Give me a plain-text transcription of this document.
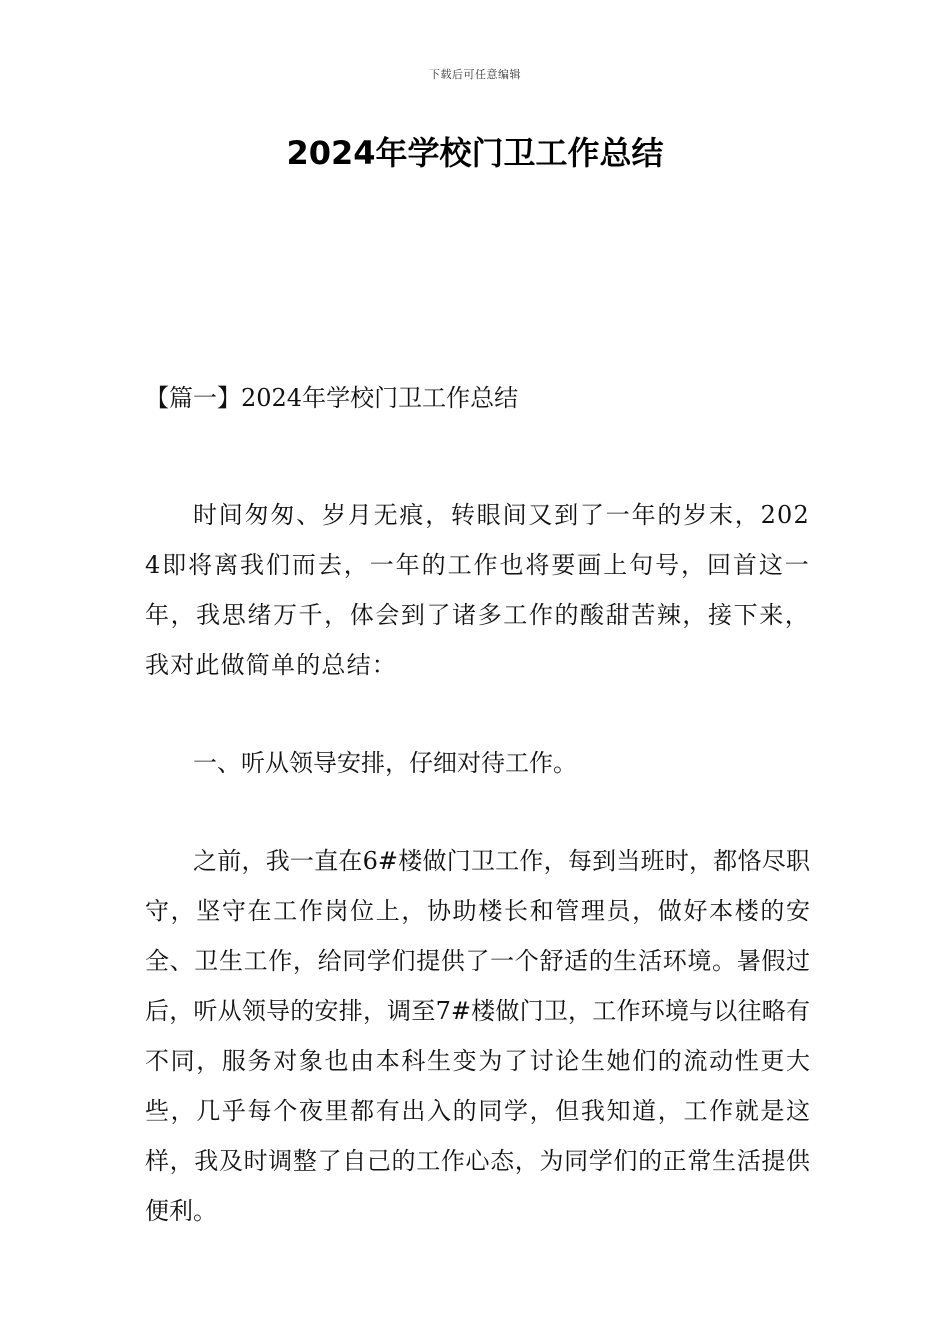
下载后可任意编辑
2024年学校门卫工作总结

【篇一】2024年学校门卫工作总结

时间匆匆、岁月无痕，转眼间又到了一年的岁末，2024即将离我们而去，一年的工作也将要画上句号，回首这一年，我思绪万千，体会到了诸多工作的酸甜苦辣，接下来，我对此做简单的总结：

一、听从领导安排，仔细对待工作。

之前，我一直在6#楼做门卫工作，每到当班时，都恪尽职守，坚守在工作岗位上，协助楼长和管理员，做好本楼的安全、卫生工作，给同学们提供了一个舒适的生活环境。暑假过后，听从领导的安排，调至7#楼做门卫，工作环境与以往略有不同，服务对象也由本科生变为了讨论生她们的流动性更大些，几乎每个夜里都有出入的同学，但我知道，工作就是这样，我及时调整了自己的工作心态，为同学们的正常生活提供便利。
